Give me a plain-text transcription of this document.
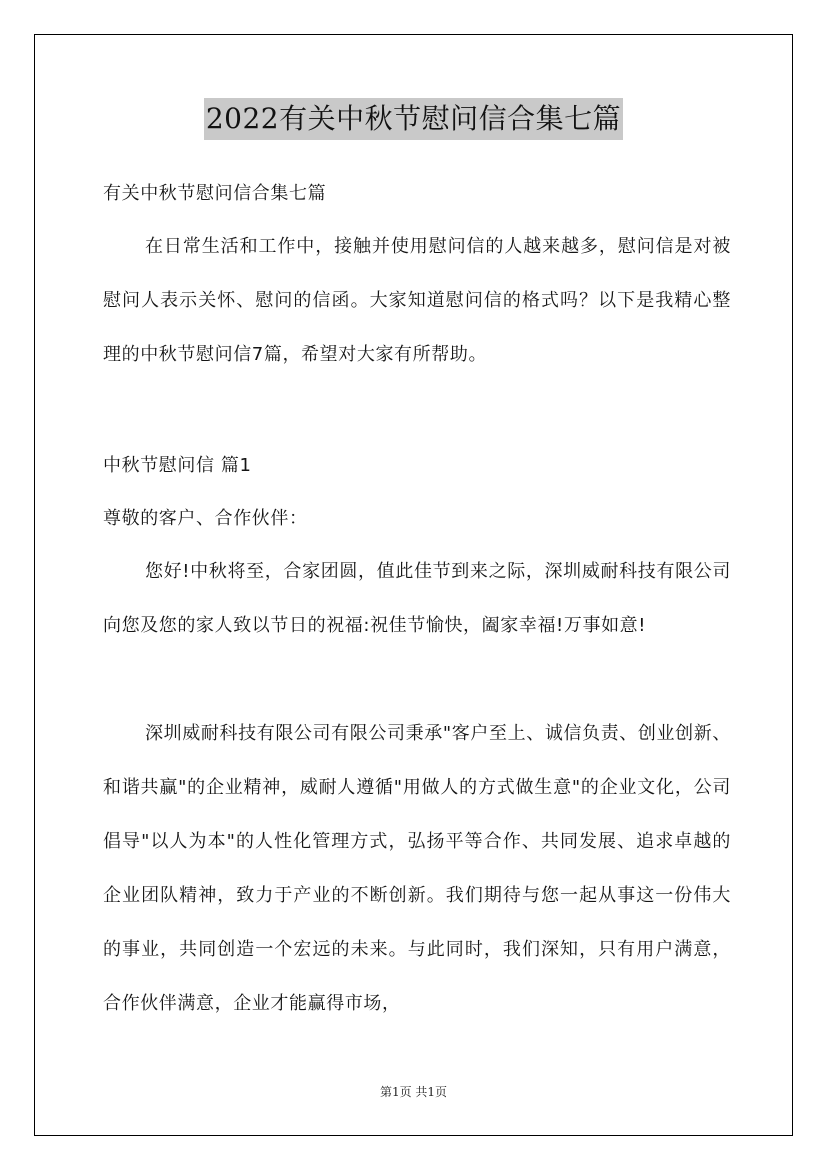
2022有关中秋节慰问信合集七篇

有关中秋节慰问信合集七篇

在日常生活和工作中，接触并使用慰问信的人越来越多，慰问信是对被慰问人表示关怀、慰问的信函。大家知道慰问信的格式吗？以下是我精心整理的中秋节慰问信7篇，希望对大家有所帮助。

中秋节慰问信 篇1

尊敬的客户、合作伙伴：

您好!中秋将至，合家团圆，值此佳节到来之际，深圳威耐科技有限公司向您及您的家人致以节日的祝福:祝佳节愉快，阖家幸福!万事如意!

深圳威耐科技有限公司有限公司秉承"客户至上、诚信负责、创业创新、和谐共赢"的企业精神，威耐人遵循"用做人的方式做生意"的企业文化，公司倡导"以人为本"的人性化管理方式，弘扬平等合作、共同发展、追求卓越的企业团队精神，致力于产业的不断创新。我们期待与您一起从事这一份伟大的事业，共同创造一个宏远的未来。与此同时，我们深知，只有用户满意，合作伙伴满意，企业才能赢得市场，

第1页 共1页
